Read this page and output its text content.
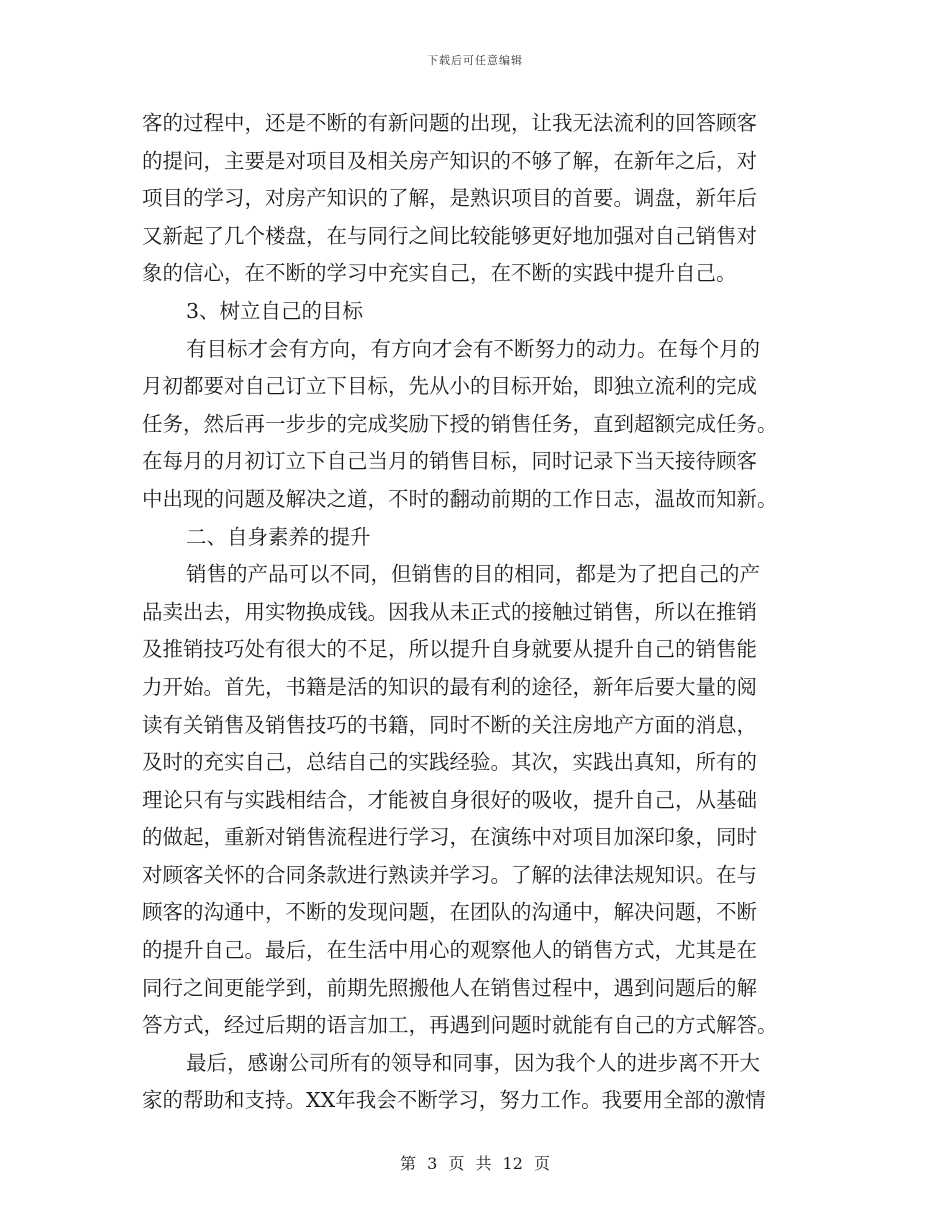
下载后可任意编辑
客的过程中，还是不断的有新问题的出现，让我无法流利的回答顾客
的提问，主要是对项目及相关房产知识的不够了解，在新年之后，对
项目的学习，对房产知识的了解，是熟识项目的首要。调盘，新年后
又新起了几个楼盘，在与同行之间比较能够更好地加强对自己销售对
象的信心，在不断的学习中充实自己，在不断的实践中提升自己。
3、树立自己的目标
有目标才会有方向，有方向才会有不断努力的动力。在每个月的
月初都要对自己订立下目标，先从小的目标开始，即独立流利的完成
任务，然后再一步步的完成奖励下授的销售任务，直到超额完成任务。
在每月的月初订立下自己当月的销售目标，同时记录下当天接待顾客
中出现的问题及解决之道，不时的翻动前期的工作日志，温故而知新。
二、自身素养的提升
销售的产品可以不同，但销售的目的相同，都是为了把自己的产
品卖出去，用实物换成钱。因我从未正式的接触过销售，所以在推销
及推销技巧处有很大的不足，所以提升自身就要从提升自己的销售能
力开始。首先，书籍是活的知识的最有利的途径，新年后要大量的阅
读有关销售及销售技巧的书籍，同时不断的关注房地产方面的消息，
及时的充实自己，总结自己的实践经验。其次，实践出真知，所有的
理论只有与实践相结合，才能被自身很好的吸收，提升自己，从基础
的做起，重新对销售流程进行学习，在演练中对项目加深印象，同时
对顾客关怀的合同条款进行熟读并学习。了解的法律法规知识。在与
顾客的沟通中，不断的发现问题，在团队的沟通中，解决问题，不断
的提升自己。最后，在生活中用心的观察他人的销售方式，尤其是在
同行之间更能学到，前期先照搬他人在销售过程中，遇到问题后的解
答方式，经过后期的语言加工，再遇到问题时就能有自己的方式解答。
最后，感谢公司所有的领导和同事，因为我个人的进步离不开大
家的帮助和支持。XX年我会不断学习，努力工作。我要用全部的激情
第 3 页 共 12 页
